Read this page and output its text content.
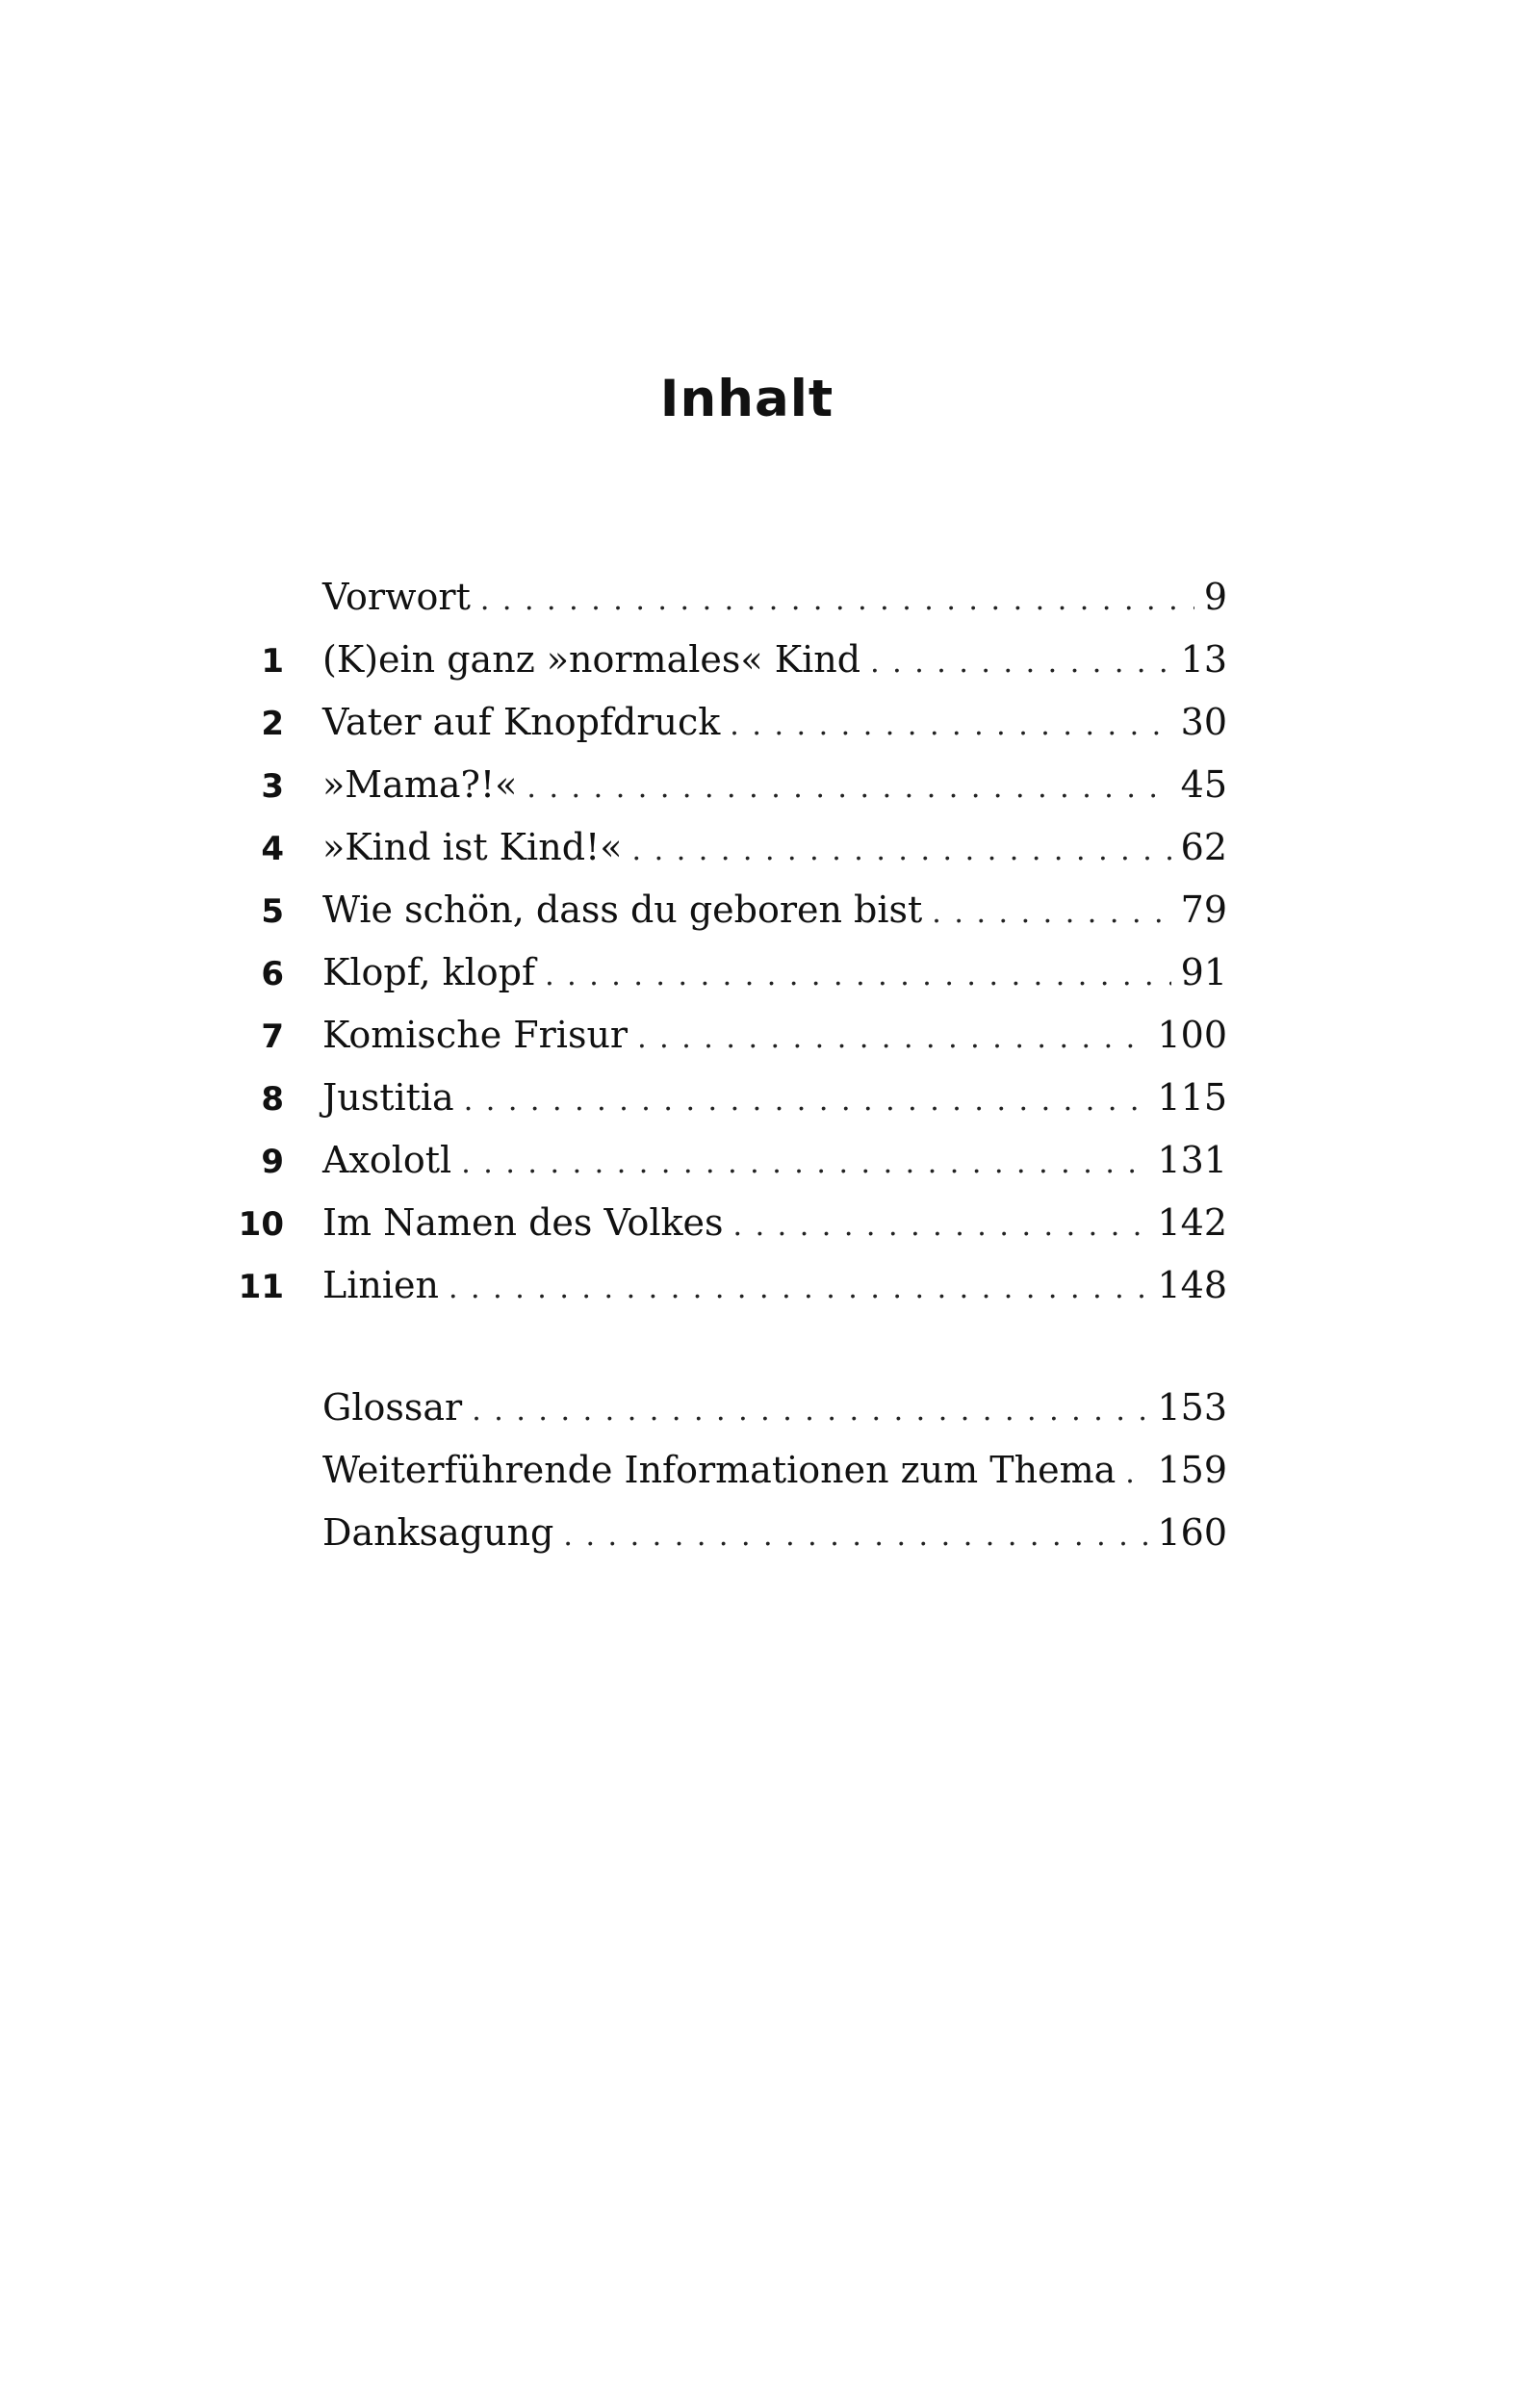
Inhalt
Vorwort . . .	9
1	(K)ein ganz »normales« Kind . . .	13
2	Vater auf Knopfdruck . . .	30
3	»Mama?!« . . .	45
4	»Kind ist Kind!« . . .	62
5	Wie schön, dass du geboren bist . . .	79
6	Klopf, klopf . . .	91
7	Komische Frisur . . .	100
8	Justitia . . .	115
9	Axolotl . . .	131
10	Im Namen des Volkes . . .	142
11	Linien . . .	148
Glossar . . .	153
Weiterführende Informationen zum Thema . . . 159
Danksagung . . .	160
